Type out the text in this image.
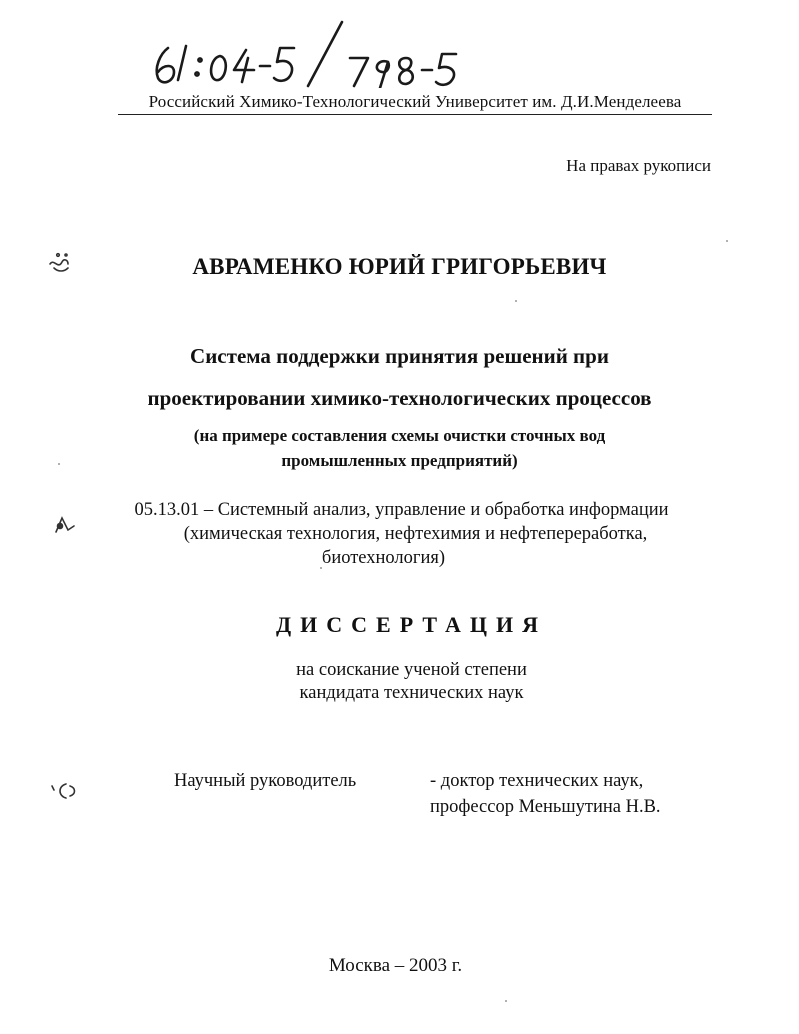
Российский Химико-Технологический Университет им. Д.И.Менделеева
На правах рукописи
АВРАМЕНКО ЮРИЙ ГРИГОРЬЕВИЧ
Система поддержки принятия решений при
проектировании химико-технологических процессов
(на примере составления схемы очистки сточных вод
промышленных предприятий)
05.13.01 – Системный анализ, управление и обработка информации
(химическая технология, нефтехимия и нефтепереработка,
биотехнология)
ДИССЕРТАЦИЯ
на соискание ученой степени
кандидата технических наук
Научный руководитель	- доктор технических наук,
профессор Меньшутина Н.В.
Москва – 2003 г.
